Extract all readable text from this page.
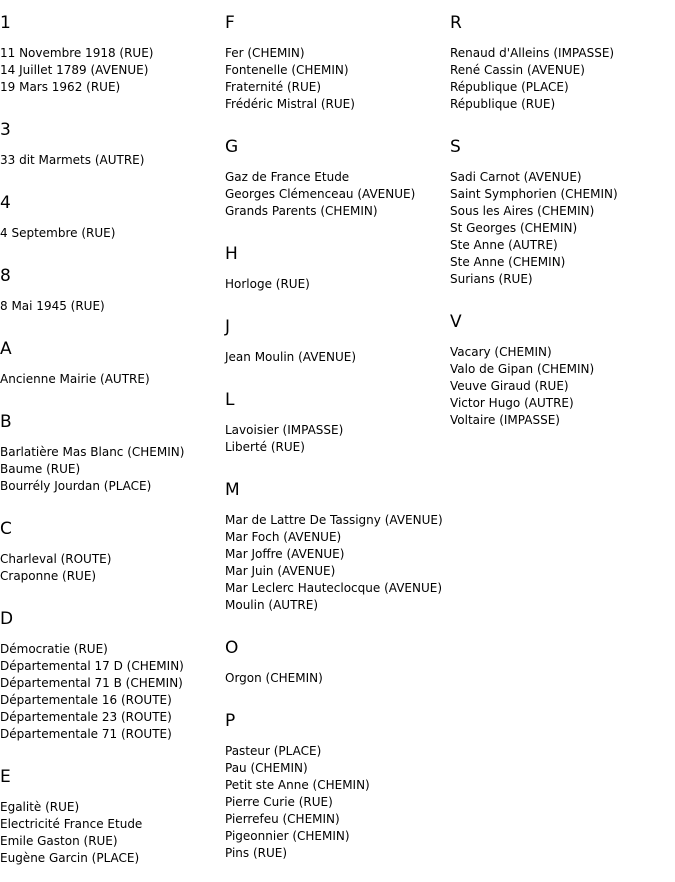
1
11 Novembre 1918 (RUE)
14 Juillet 1789 (AVENUE)
19 Mars 1962 (RUE)
3
33 dit Marmets (AUTRE)
4
4 Septembre (RUE)
8
8 Mai 1945 (RUE)
A
Ancienne Mairie (AUTRE)
B
Barlatière Mas Blanc (CHEMIN)
Baume (RUE)
Bourrély Jourdan (PLACE)
C
Charleval (ROUTE)
Craponne (RUE)
D
Démocratie (RUE)
Départemental 17 D (CHEMIN)
Départemental 71 B (CHEMIN)
Départementale 16 (ROUTE)
Départementale 23 (ROUTE)
Départementale 71 (ROUTE)
E
Egalitè (RUE)
Electricité France Etude
Emile Gaston (RUE)
Eugène Garcin (PLACE)
F
Fer (CHEMIN)
Fontenelle (CHEMIN)
Fraternité (RUE)
Frédéric Mistral (RUE)
G
Gaz de France Etude
Georges Clémenceau (AVENUE)
Grands Parents (CHEMIN)
H
Horloge (RUE)
J
Jean Moulin (AVENUE)
L
Lavoisier (IMPASSE)
Liberté (RUE)
M
Mar de Lattre De Tassigny (AVENUE)
Mar Foch (AVENUE)
Mar Joffre (AVENUE)
Mar Juin (AVENUE)
Mar Leclerc Hauteclocque (AVENUE)
Moulin (AUTRE)
O
Orgon (CHEMIN)
P
Pasteur (PLACE)
Pau (CHEMIN)
Petit ste Anne (CHEMIN)
Pierre Curie (RUE)
Pierrefeu (CHEMIN)
Pigeonnier (CHEMIN)
Pins (RUE)
R
Renaud d'Alleins (IMPASSE)
René Cassin (AVENUE)
République (PLACE)
République (RUE)
S
Sadi Carnot (AVENUE)
Saint Symphorien (CHEMIN)
Sous les Aires (CHEMIN)
St Georges (CHEMIN)
Ste Anne (AUTRE)
Ste Anne (CHEMIN)
Surians (RUE)
V
Vacary (CHEMIN)
Valo de Gipan (CHEMIN)
Veuve Giraud (RUE)
Victor Hugo (AUTRE)
Voltaire (IMPASSE)
